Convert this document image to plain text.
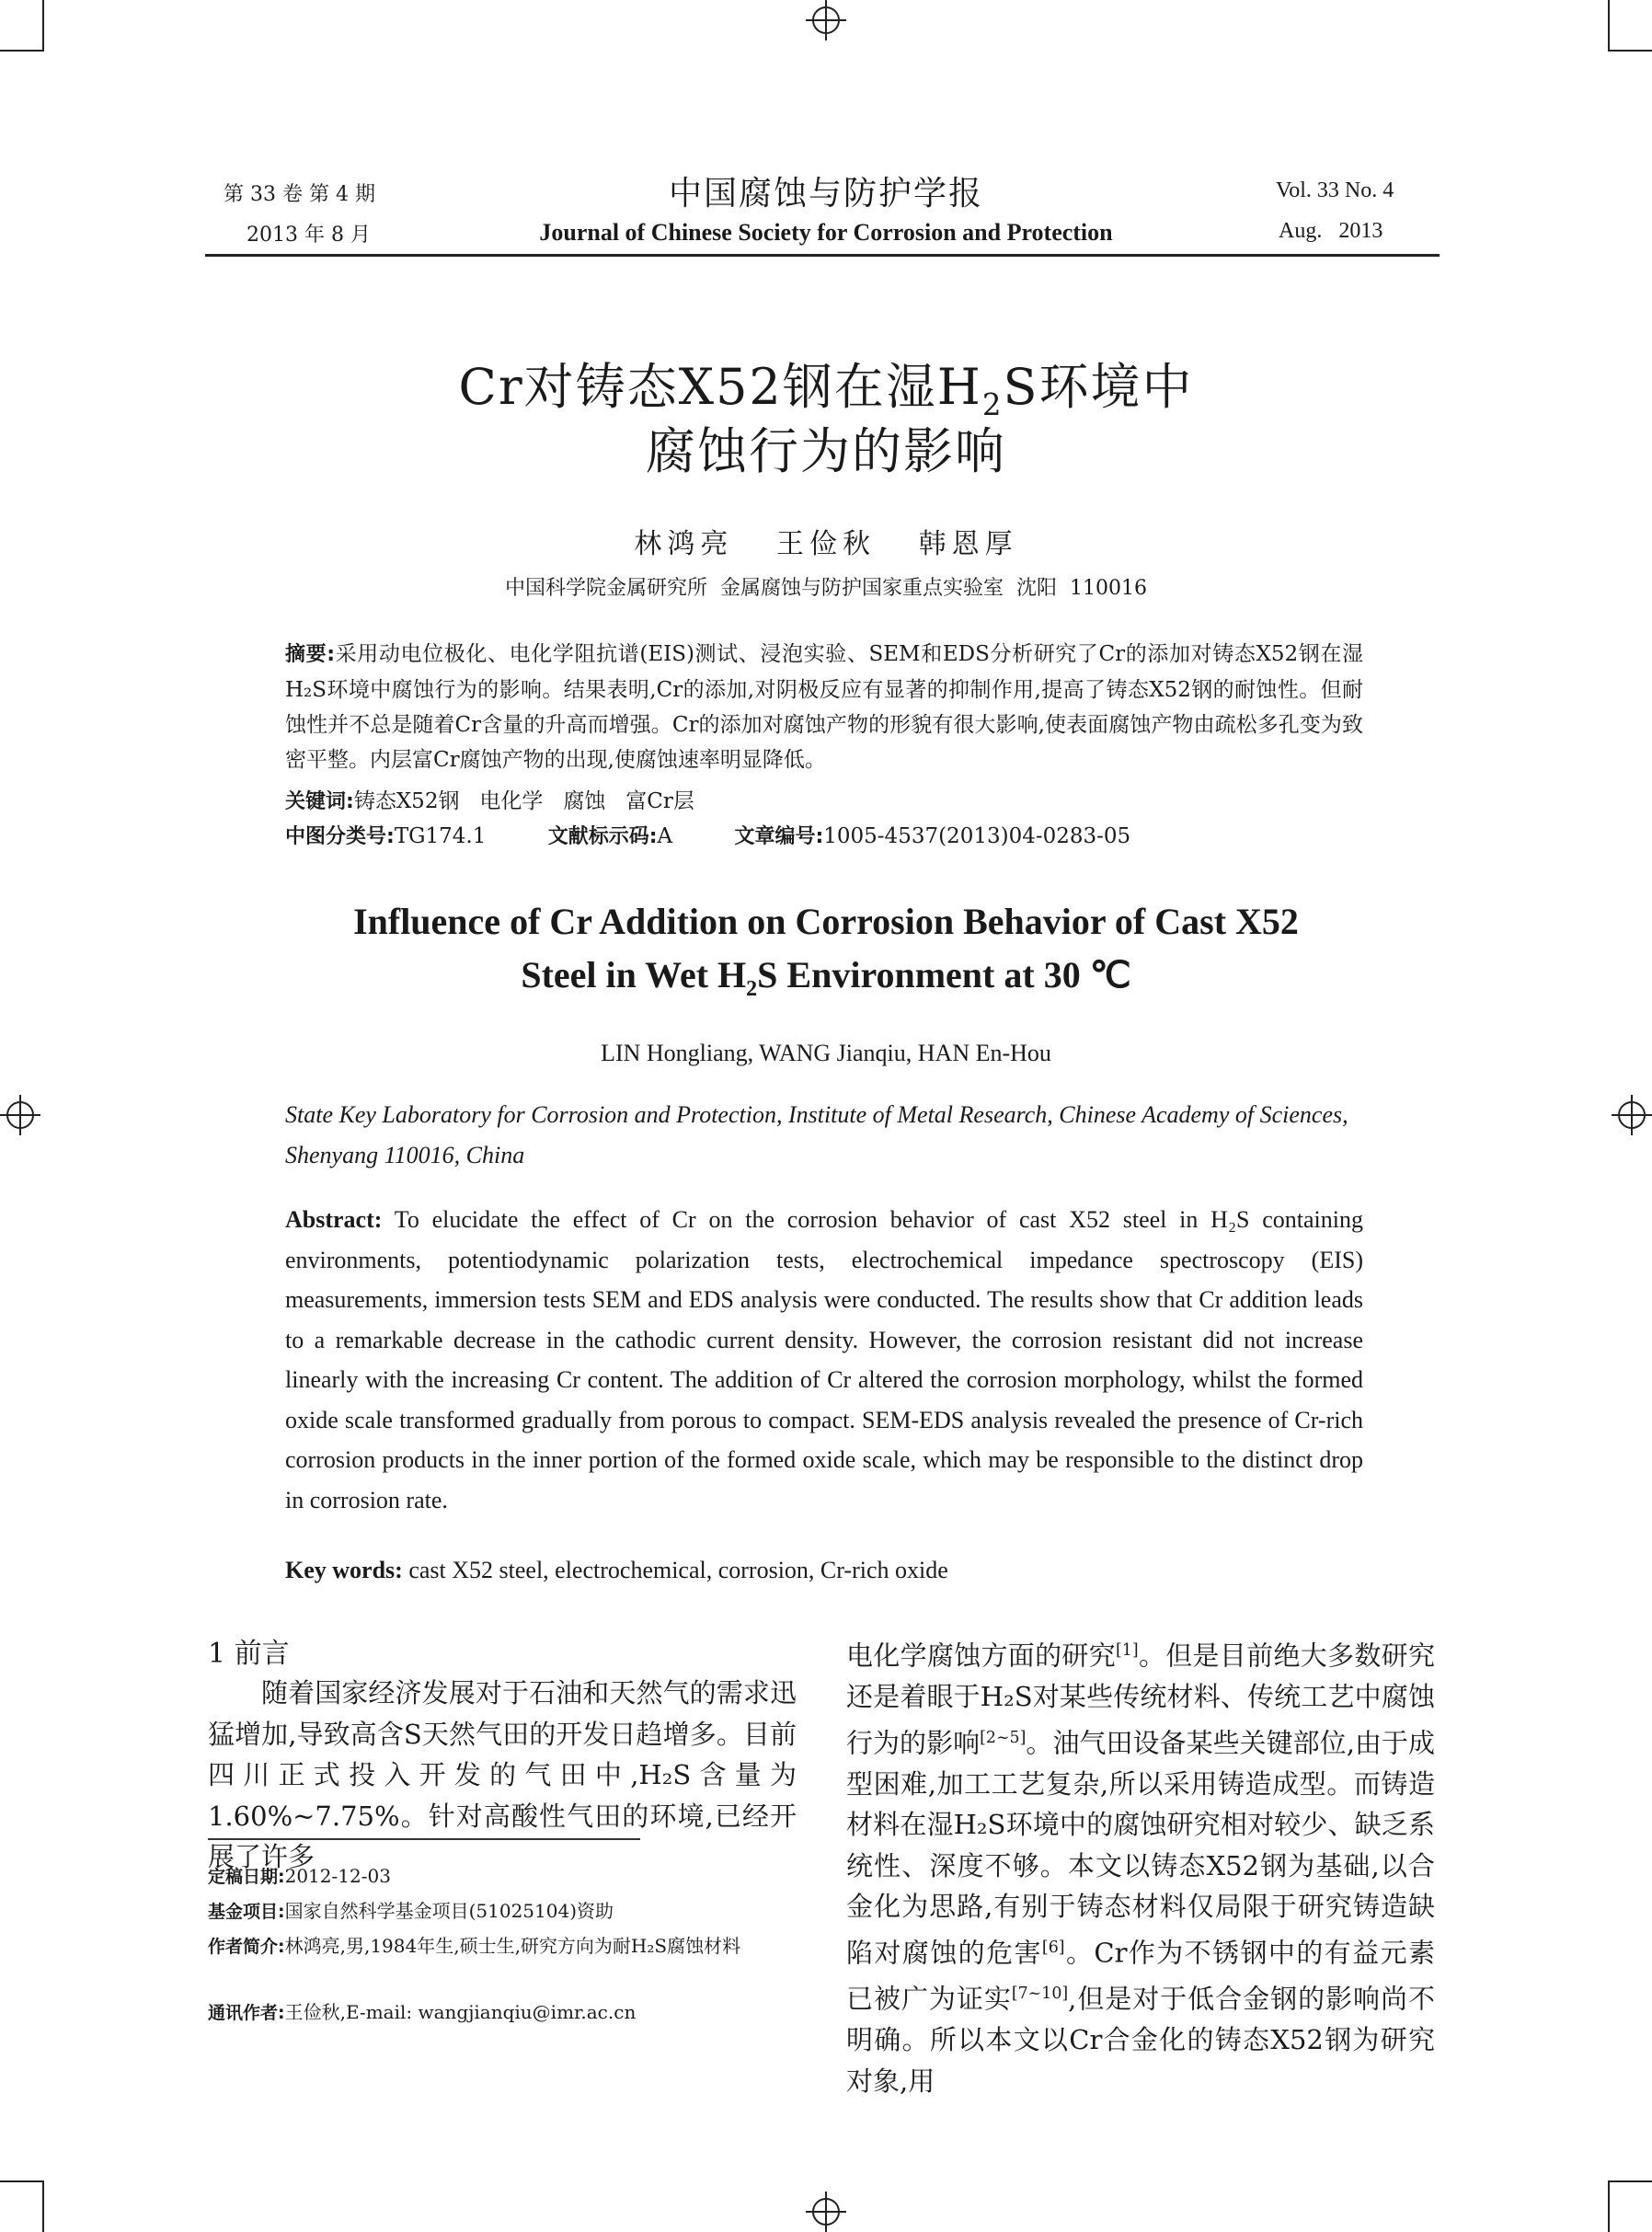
第 33 卷 第 4 期
2013 年 8 月
中国腐蚀与防护学报
Journal of Chinese Society for Corrosion and Protection
Vol. 33 No. 4
Aug.   2013
Cr对铸态X52钢在湿$H_2S$环境中
腐蚀行为的影响
林鸿亮   王俭秋   韩恩厚
中国科学院金属研究所  金属腐蚀与防护国家重点实验室  沈阳  110016
摘要:采用动电位极化、电化学阻抗谱(EIS)测试、浸泡实验、SEM和EDS分析研究了Cr的添加对铸态X52钢在湿H₂S环境中腐蚀行为的影响。结果表明,Cr的添加,对阴极反应有显著的抑制作用,提高了铸态X52钢的耐蚀性。但耐蚀性并不总是随着Cr含量的升高而增强。Cr的添加对腐蚀产物的形貌有很大影响,使表面腐蚀产物由疏松多孔变为致密平整。内层富Cr腐蚀产物的出现,使腐蚀速率明显降低。
关键词:铸态X52钢   电化学   腐蚀   富Cr层
中图分类号:TG174.1	文献标示码:A	文章编号:1005-4537(2013)04-0283-05
Influence of Cr Addition on Corrosion Behavior of Cast X52
Steel in Wet $H_2S$ Environment at 30 ℃
LIN Hongliang, WANG Jianqiu, HAN En-Hou
State Key Laboratory for Corrosion and Protection, Institute of Metal Research, Chinese Academy of Sciences, Shenyang 110016, China
Abstract: To elucidate the effect of Cr on the corrosion behavior of cast X52 steel in H₂S containing environments, potentiodynamic polarization tests, electrochemical impedance spectroscopy (EIS) measurements, immersion tests SEM and EDS analysis were conducted. The results show that Cr addition leads to a remarkable decrease in the cathodic current density. However, the corrosion resistant did not increase linearly with the increasing Cr content. The addition of Cr altered the corrosion morphology, whilst the formed oxide scale transformed gradually from porous to compact. SEM-EDS analysis revealed the presence of Cr-rich corrosion products in the inner portion of the formed oxide scale, which may be responsible to the distinct drop in corrosion rate.
Key words: cast X52 steel, electrochemical, corrosion, Cr-rich oxide
1 前言
随着国家经济发展对于石油和天然气的需求迅猛增加,导致高含S天然气田的开发日趋增多。目前四川正式投入开发的气田中,H₂S含量为1.60%~7.75%。针对高酸性气田的环境,已经开展了许多
电化学腐蚀方面的研究[1]。但是目前绝大多数研究还是着眼于H₂S对某些传统材料、传统工艺中腐蚀行为的影响[2~5]。油气田设备某些关键部位,由于成型困难,加工工艺复杂,所以采用铸造成型。而铸造材料在湿H₂S环境中的腐蚀研究相对较少、缺乏系统性、深度不够。本文以铸态X52钢为基础,以合金化为思路,有别于铸态材料仅局限于研究铸造缺陷对腐蚀的危害[6]。Cr作为不锈钢中的有益元素已被广为证实[7~10],但是对于低合金钢的影响尚不明确。所以本文以Cr合金化的铸态X52钢为研究对象,用
定稿日期:2012-12-03
基金项目:国家自然科学基金项目(51025104)资助
作者简介:林鸿亮,男,1984年生,硕士生,研究方向为耐H₂S腐蚀材料
通讯作者:王俭秋,E-mail: wangjianqiu@imr.ac.cn
